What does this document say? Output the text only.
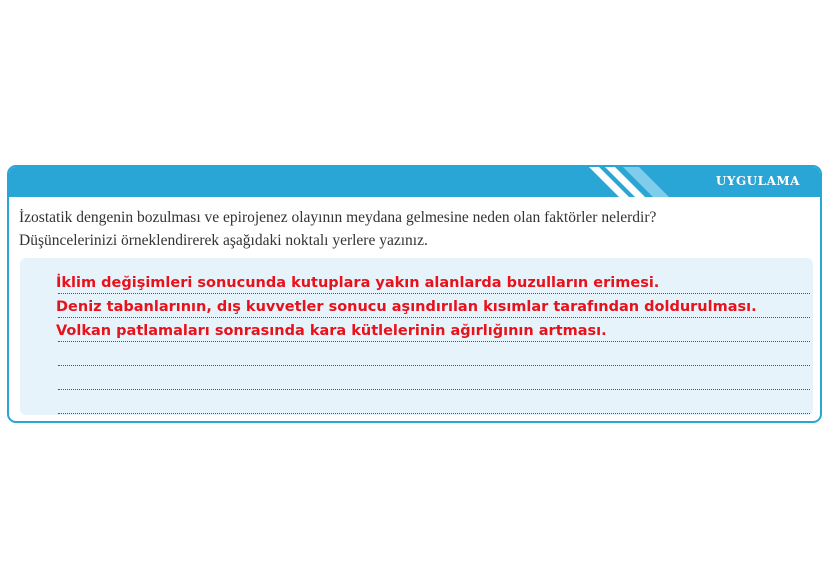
UYGULAMA
İzostatik dengenin bozulması ve epirojenez olayının meydana gelmesine neden olan faktörler nelerdir?
Düşüncelerinizi örneklendirerek aşağıdaki noktalı yerlere yazınız.
İklim değişimleri sonucunda kutuplara yakın alanlarda buzulların erimesi.
Deniz tabanlarının, dış kuvvetler sonucu aşındırılan kısımlar tarafından doldurulması.
Volkan patlamaları sonrasında kara kütlelerinin ağırlığının artması.
